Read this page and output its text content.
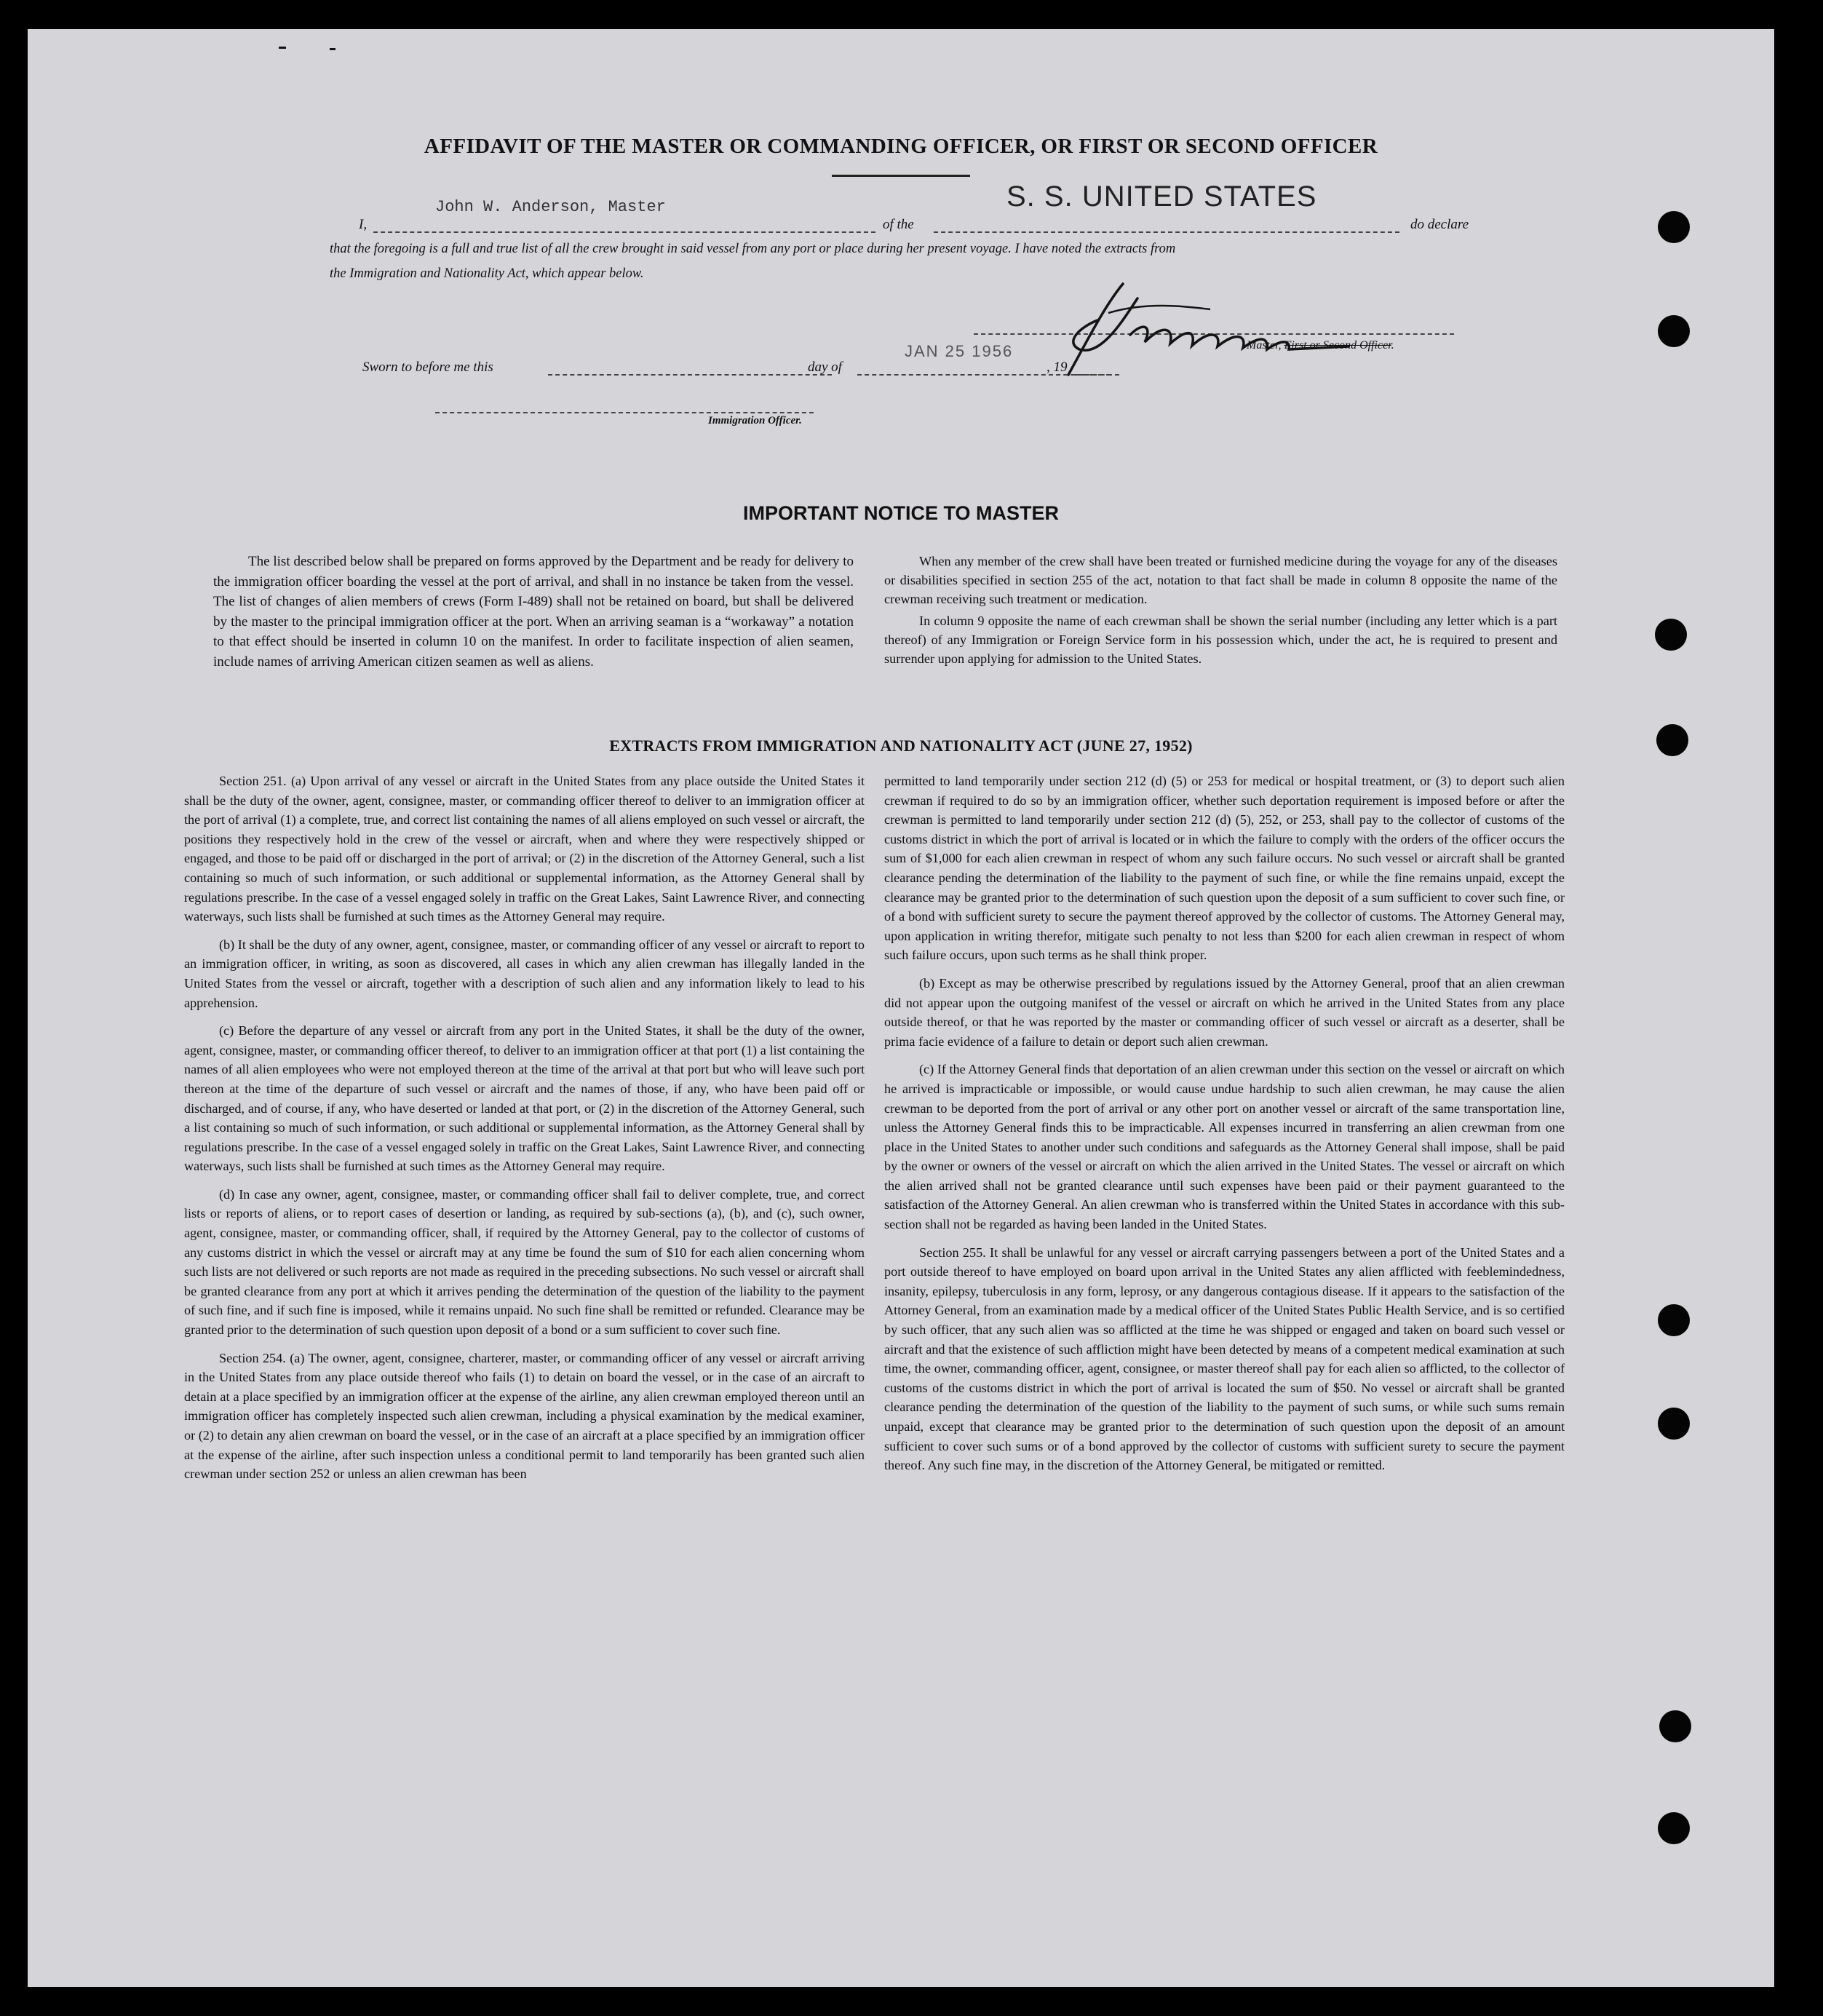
AFFIDAVIT OF THE MASTER OR COMMANDING OFFICER, OR FIRST OR SECOND OFFICER
I,
John W. Anderson, Master
of the
S. S. UNITED STATES
do declare
that the foregoing is a full and true list of all the crew brought in said vessel from any port or place during her present voyage. I have noted the extracts from
the Immigration and Nationality Act, which appear below.
Master, First or Second Officer.
Sworn to before me this	day of
JAN 25 1956
, 19
Immigration Officer.
IMPORTANT NOTICE TO MASTER

The list described below shall be prepared on forms approved by the Department and be ready for delivery to the immigration officer boarding the vessel at the port of arrival, and shall in no instance be taken from the vessel. The list of changes of alien members of crews (Form I-489) shall not be retained on board, but shall be delivered by the master to the principal immigration officer at the port. When an arriving seaman is a “workaway” a notation to that effect should be inserted in column 10 on the manifest. In order to facilitate inspection of alien seamen, include names of arriving American citizen seamen as well as aliens.

When any member of the crew shall have been treated or furnished medicine during the voyage for any of the diseases or disabilities specified in section 255 of the act, notation to that fact shall be made in column 8 opposite the name of the crewman receiving such treatment or medication.

In column 9 opposite the name of each crewman shall be shown the serial number (including any letter which is a part thereof) of any Immigration or Foreign Service form in his possession which, under the act, he is required to present and surrender upon applying for admission to the United States.

EXTRACTS FROM IMMIGRATION AND NATIONALITY ACT (JUNE 27, 1952)

Section 251. (a) Upon arrival of any vessel or aircraft in the United States from any place outside the United States it shall be the duty of the owner, agent, consignee, master, or commanding officer thereof to deliver to an immigration officer at the port of arrival (1) a complete, true, and correct list containing the names of all aliens employed on such vessel or aircraft, the positions they respectively hold in the crew of the vessel or aircraft, when and where they were respectively shipped or engaged, and those to be paid off or discharged in the port of arrival; or (2) in the discretion of the Attorney General, such a list containing so much of such information, or such additional or supplemental information, as the Attorney General shall by regulations prescribe. In the case of a vessel engaged solely in traffic on the Great Lakes, Saint Lawrence River, and connecting waterways, such lists shall be furnished at such times as the Attorney General may require.

(b) It shall be the duty of any owner, agent, consignee, master, or commanding officer of any vessel or aircraft to report to an immigration officer, in writing, as soon as discovered, all cases in which any alien crewman has illegally landed in the United States from the vessel or aircraft, together with a description of such alien and any information likely to lead to his apprehension.

(c) Before the departure of any vessel or aircraft from any port in the United States, it shall be the duty of the owner, agent, consignee, master, or commanding officer thereof, to deliver to an immigration officer at that port (1) a list containing the names of all alien employees who were not employed thereon at the time of the arrival at that port but who will leave such port thereon at the time of the departure of such vessel or aircraft and the names of those, if any, who have been paid off or discharged, and of course, if any, who have deserted or landed at that port, or (2) in the discretion of the Attorney General, such a list containing so much of such information, or such additional or supplemental information, as the Attorney General shall by regulations prescribe. In the case of a vessel engaged solely in traffic on the Great Lakes, Saint Lawrence River, and connecting waterways, such lists shall be furnished at such times as the Attorney General may require.

(d) In case any owner, agent, consignee, master, or commanding officer shall fail to deliver complete, true, and correct lists or reports of aliens, or to report cases of desertion or landing, as required by sub-sections (a), (b), and (c), such owner, agent, consignee, master, or commanding officer, shall, if required by the Attorney General, pay to the collector of customs of any customs district in which the vessel or aircraft may at any time be found the sum of $10 for each alien concerning whom such lists are not delivered or such reports are not made as required in the preceding subsections. No such vessel or aircraft shall be granted clearance from any port at which it arrives pending the determination of the question of the liability to the payment of such fine, and if such fine is imposed, while it remains unpaid. No such fine shall be remitted or refunded. Clearance may be granted prior to the determination of such question upon deposit of a bond or a sum sufficient to cover such fine.

Section 254. (a) The owner, agent, consignee, charterer, master, or commanding officer of any vessel or aircraft arriving in the United States from any place outside thereof who fails (1) to detain on board the vessel, or in the case of an aircraft to detain at a place specified by an immigration officer at the expense of the airline, any alien crewman employed thereon until an immigration officer has completely inspected such alien crewman, including a physical examination by the medical examiner, or (2) to detain any alien crewman on board the vessel, or in the case of an aircraft at a place specified by an immigration officer at the expense of the airline, after such inspection unless a conditional permit to land temporarily has been granted such alien crewman under section 252 or unless an alien crewman has been

permitted to land temporarily under section 212 (d) (5) or 253 for medical or hospital treatment, or (3) to deport such alien crewman if required to do so by an immigration officer, whether such deportation requirement is imposed before or after the crewman is permitted to land temporarily under section 212 (d) (5), 252, or 253, shall pay to the collector of customs of the customs district in which the port of arrival is located or in which the failure to comply with the orders of the officer occurs the sum of $1,000 for each alien crewman in respect of whom any such failure occurs. No such vessel or aircraft shall be granted clearance pending the determination of the liability to the payment of such fine, or while the fine remains unpaid, except the clearance may be granted prior to the determination of such question upon the deposit of a sum sufficient to cover such fine, or of a bond with sufficient surety to secure the payment thereof approved by the collector of customs. The Attorney General may, upon application in writing therefor, mitigate such penalty to not less than $200 for each alien crewman in respect of whom such failure occurs, upon such terms as he shall think proper.

(b) Except as may be otherwise prescribed by regulations issued by the Attorney General, proof that an alien crewman did not appear upon the outgoing manifest of the vessel or aircraft on which he arrived in the United States from any place outside thereof, or that he was reported by the master or commanding officer of such vessel or aircraft as a deserter, shall be prima facie evidence of a failure to detain or deport such alien crewman.

(c) If the Attorney General finds that deportation of an alien crewman under this section on the vessel or aircraft on which he arrived is impracticable or impossible, or would cause undue hardship to such alien crewman, he may cause the alien crewman to be deported from the port of arrival or any other port on another vessel or aircraft of the same transportation line, unless the Attorney General finds this to be impracticable. All expenses incurred in transferring an alien crewman from one place in the United States to another under such conditions and safeguards as the Attorney General shall impose, shall be paid by the owner or owners of the vessel or aircraft on which the alien arrived in the United States. The vessel or aircraft on which the alien arrived shall not be granted clearance until such expenses have been paid or their payment guaranteed to the satisfaction of the Attorney General. An alien crewman who is transferred within the United States in accordance with this sub-section shall not be regarded as having been landed in the United States.

Section 255. It shall be unlawful for any vessel or aircraft carrying passengers between a port of the United States and a port outside thereof to have employed on board upon arrival in the United States any alien afflicted with feeblemindedness, insanity, epilepsy, tuberculosis in any form, leprosy, or any dangerous contagious disease. If it appears to the satisfaction of the Attorney General, from an examination made by a medical officer of the United States Public Health Service, and is so certified by such officer, that any such alien was so afflicted at the time he was shipped or engaged and taken on board such vessel or aircraft and that the existence of such affliction might have been detected by means of a competent medical examination at such time, the owner, commanding officer, agent, consignee, or master thereof shall pay for each alien so afflicted, to the collector of customs of the customs district in which the port of arrival is located the sum of $50. No vessel or aircraft shall be granted clearance pending the determination of the question of the liability to the payment of such sums, or while such sums remain unpaid, except that clearance may be granted prior to the determination of such question upon the deposit of an amount sufficient to cover such sums or of a bond approved by the collector of customs with sufficient surety to secure the payment thereof. Any such fine may, in the discretion of the Attorney General, be mitigated or remitted.
